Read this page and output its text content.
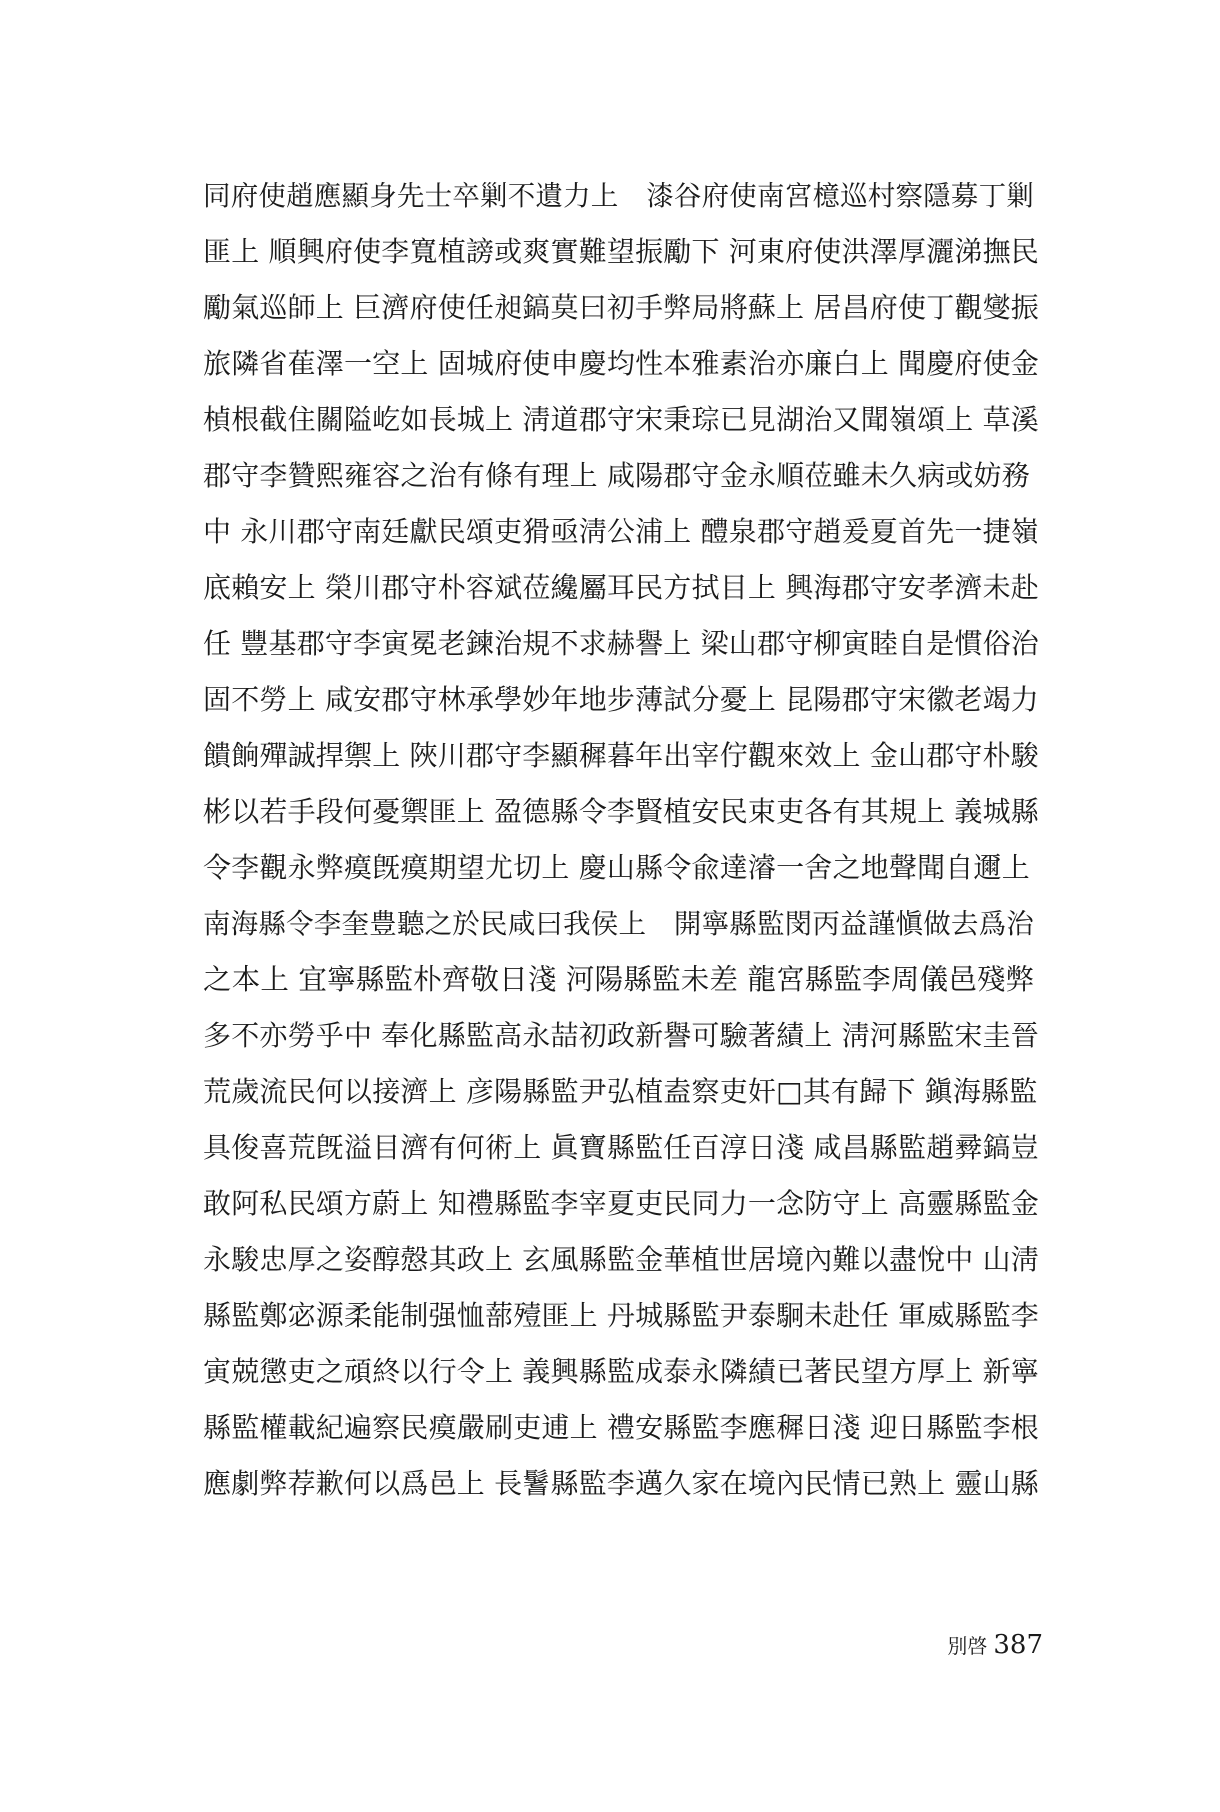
同府使趙應顯身先士卒剿不遺力上　漆谷府使南宮檍巡村察隱募丁剿
匪上 順興府使李寬植謗或爽實難望振勵下 河東府使洪澤厚灑涕撫民
勵氣巡師上 巨濟府使任昶鎬莫曰初手弊局將蘇上 居昌府使丁觀燮振
旅隣省萑澤一空上 固城府使申慶均性本雅素治亦廉白上 聞慶府使金
楨根截住關隘屹如長城上 淸道郡守宋秉琮已見湖治又聞嶺頌上 草溪
郡守李贊熙雍容之治有條有理上 咸陽郡守金永順莅雖未久病或妨務
中 永川郡守南廷獻民頌吏猾亟淸公浦上 醴泉郡守趙爰夏首先一捷嶺
底賴安上 榮川郡守朴容斌莅纔屬耳民方拭目上 興海郡守安孝濟未赴
任 豐基郡守李寅冕老鍊治規不求赫譽上 梁山郡守柳寅睦自是慣俗治
固不勞上 咸安郡守林承學妙年地步薄試分憂上 昆陽郡守宋徽老竭力
饋餉殫誠捍禦上 陜川郡守李顯穉暮年出宰佇觀來效上 金山郡守朴駿
彬以若手段何憂禦匪上 盈德縣令李賢植安民束吏各有其規上 義城縣
令李觀永弊瘼旣瘼期望尤切上 慶山縣令兪達濬一舍之地聲聞自邇上
南海縣令李奎豊聽之於民咸曰我侯上　開寧縣監閔丙益謹愼做去爲治
之本上 宜寧縣監朴齊敬日淺 河陽縣監未差 龍宮縣監李周儀邑殘弊
多不亦勞乎中 奉化縣監高永喆初政新譽可驗著績上 淸河縣監宋圭晉
荒歲流民何以接濟上 彦陽縣監尹弘植盍察吏奸□其有歸下 鎭海縣監
具俊喜荒旣溢目濟有何術上 眞寶縣監任百淳日淺 咸昌縣監趙彛鎬豈
敢阿私民頌方蔚上 知禮縣監李宰夏吏民同力一念防守上 高靈縣監金
永駿忠厚之姿醇慤其政上 玄風縣監金華植世居境內難以盡悅中 山淸
縣監鄭宓源柔能制强恤蔀殪匪上 丹城縣監尹泰駉未赴任 軍威縣監李
寅兢懲吏之頑終以行令上 義興縣監成泰永隣績已著民望方厚上 新寧
縣監權載紀遍察民瘼嚴刷吏逋上 禮安縣監李應穉日淺 迎日縣監李根
應劇弊荐歉何以爲邑上 長鬐縣監李邁久家在境內民情已熟上 靈山縣
別啓 387
